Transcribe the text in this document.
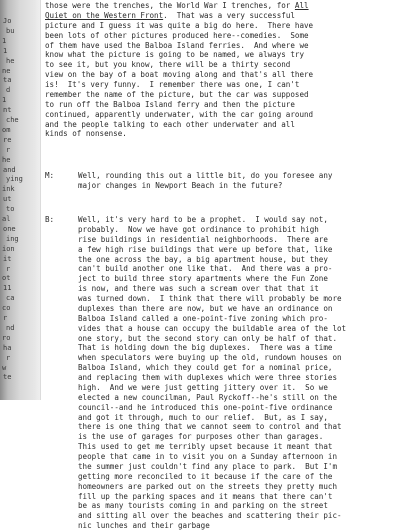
Jo
bu
1
1
he
ne
ta
d
1
nt
che
om
re
r
he
and
ying
ink
ut
to
al
one
ing
ion
it
r
ot
11
ca
co
r
nd
ro
ha
r
w
te
those were the trenches, the World War I trenches, for All
Quiet on the Western Front.  That was a very successful
picture and I guess it was quite a big do here.  There have
been lots of other pictures produced here--comedies.  Some
of them have used the Balboa Island ferries.  And where we
know what the picture is going to be named, we always try
to see it, but you know, there will be a thirty second
view on the bay of a boat moving along and that's all there
is!  It's very funny.  I remember there was one, I can't
remember the name of the picture, but the car was supposed
to run off the Balboa Island ferry and then the picture
continued, apparently underwater, with the car going around
and the people talking to each other underwater and all
kinds of nonsense.
M:	Well, rounding this out a little bit, do you foresee any
major changes in Newport Beach in the future?
B:	Well, it's very hard to be a prophet.  I would say not,
probably.  Now we have got ordinance to prohibit high
rise buildings in residential neighborhoods.  There are
a few high rise buildings that were up before that, like
the one across the bay, a big apartment house, but they
can't build another one like that.  And there was a pro-
ject to build three story apartments where the Fun Zone
is now, and there was such a scream over that that it
was turned down.  I think that there will probably be more
duplexes than there are now, but we have an ordinance on
Balboa Island called a one-point-five zoning which pro-
vides that a house can occupy the buildable area of the lot
one story, but the second story can only be half of that.
That is holding down the big duplexes.  There was a time
when speculators were buying up the old, rundown houses on
Balboa Island, which they could get for a nominal price,
and replacing them with duplexes which were three stories
high.  And we were just getting jittery over it.  So we
elected a new councilman, Paul Ryckoff--he's still on the
council--and he introduced this one-point-five ordinance
and got it through, much to our relief.  But, as I say,
there is one thing that we cannot seem to control and that
is the use of garages for purposes other than garages.
This used to get me terribly upset because it meant that
people that came in to visit you on a Sunday afternoon in
the summer just couldn't find any place to park.  But I'm
getting more reconciled to it because if the care of the
homeowners are parked out on the streets they pretty much
fill up the parking spaces and it means that there can't
be as many tourists coming in and parking on the street
and sitting all over the beaches and scattering their pic-
nic lunches and their garbage
